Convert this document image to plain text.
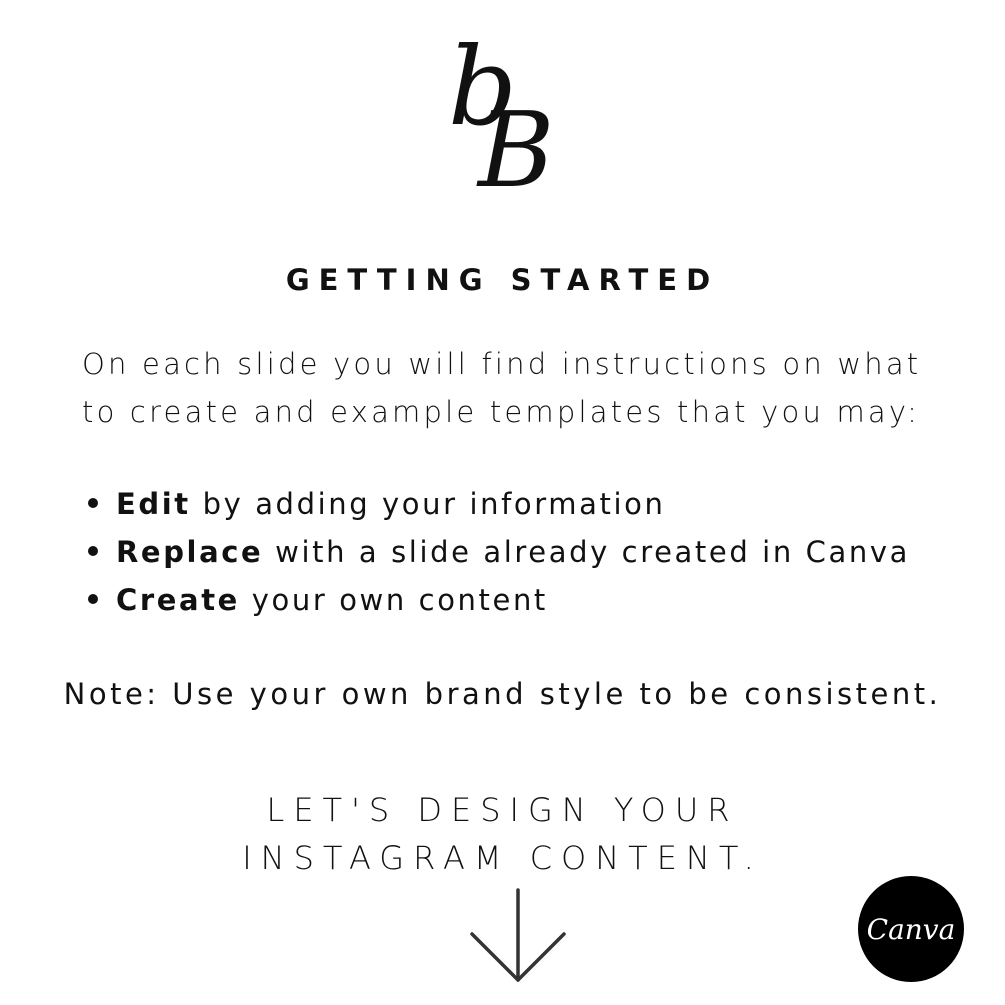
b
B
GETTING STARTED
On each slide you will find instructions on what
to create and example templates that you may:
Edit by adding your information
Replace with a slide already created in Canva
Create your own content
Note: Use your own brand style to be consistent.
LET'S DESIGN YOUR
INSTAGRAM CONTENT.
Canva
